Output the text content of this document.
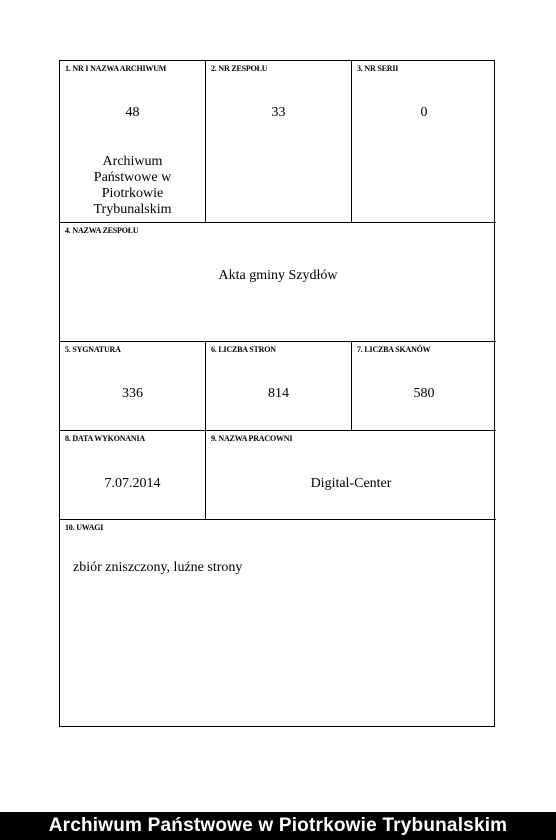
1. NR I NAZWA ARCHIWUM
48
Archiwum
Państwowe w
Piotrkowie
Trybunalskim
2. NR ZESPOŁU
33
3. NR SERII
0
4. NAZWA ZESPOŁU
Akta gminy Szydłów
5. SYGNATURA
336
6. LICZBA STRON
814
7. LICZBA SKANÓW
580
8. DATA WYKONANIA
7.07.2014
9. NAZWA PRACOWNI
Digital-Center
10. UWAGI
zbiór zniszczony, luźne strony
Archiwum Państwowe w Piotrkowie Trybunalskim
